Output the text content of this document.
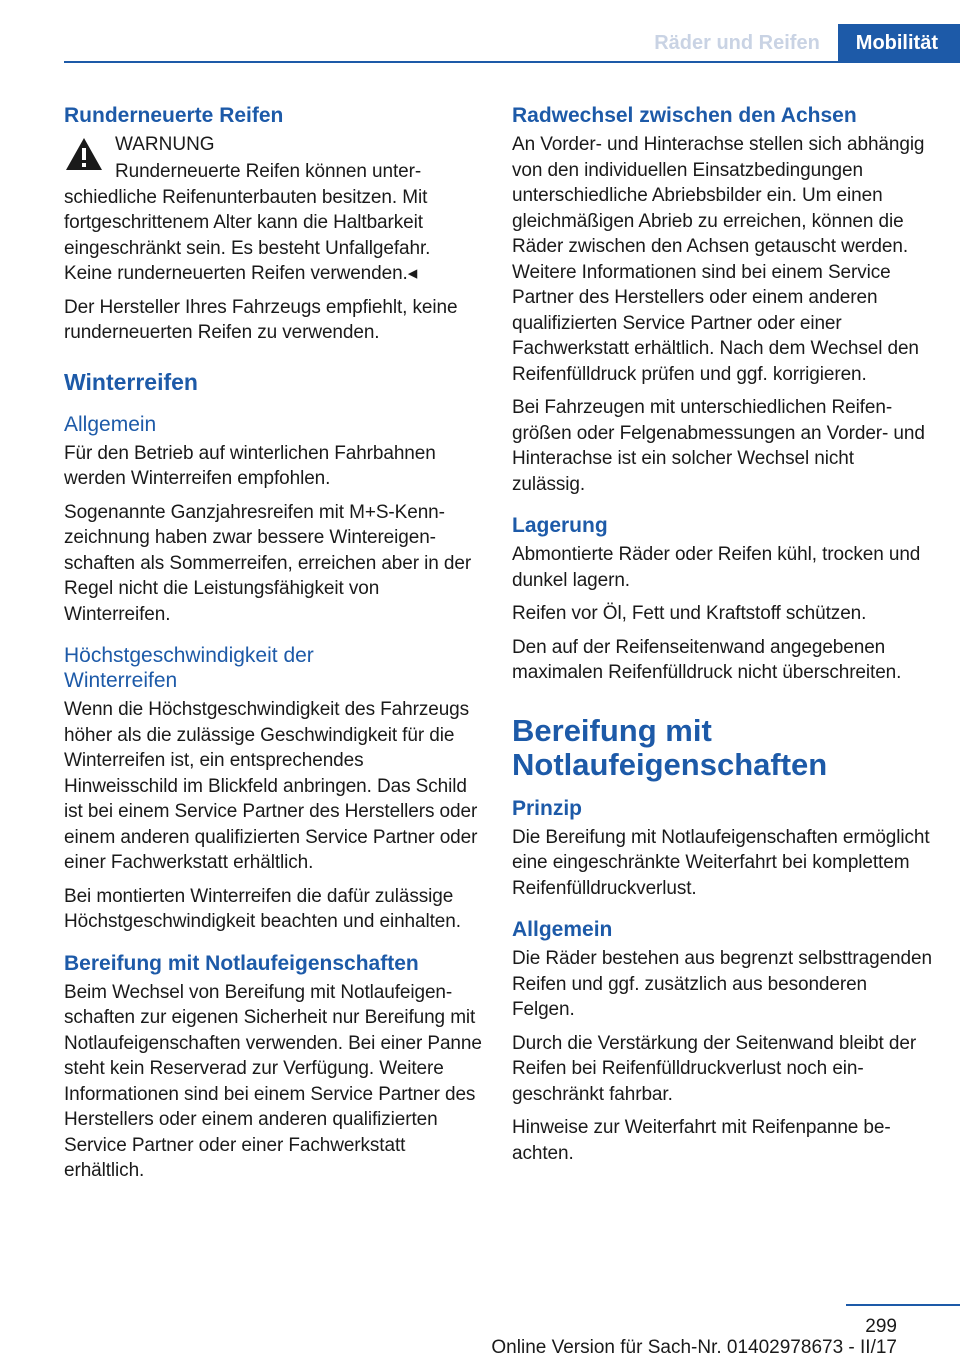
Räder und Reifen	Mobilität
Runderneuerte Reifen
WARNUNG
Runderneuerte Reifen können unterschiedliche Reifenunterbauten besitzen. Mit fortgeschrittenem Alter kann die Haltbarkeit eingeschränkt sein. Es besteht Unfallgefahr. Keine runderneuerten Reifen verwenden.◂
Der Hersteller Ihres Fahrzeugs empfiehlt, keine runderneuerten Reifen zu verwenden.
Winterreifen
Allgemein
Für den Betrieb auf winterlichen Fahrbahnen werden Winterreifen empfohlen.
Sogenannte Ganzjahresreifen mit M+S-Kennzeichnung haben zwar bessere Wintereigenschaften als Sommerreifen, erreichen aber in der Regel nicht die Leistungsfähigkeit von Winterreifen.
Höchstgeschwindigkeit der Winterreifen
Wenn die Höchstgeschwindigkeit des Fahrzeugs höher als die zulässige Geschwindigkeit für die Winterreifen ist, ein entsprechendes Hinweisschild im Blickfeld anbringen. Das Schild ist bei einem Service Partner des Herstellers oder einem anderen qualifizierten Service Partner oder einer Fachwerkstatt erhältlich.
Bei montierten Winterreifen die dafür zulässige Höchstgeschwindigkeit beachten und einhalten.
Bereifung mit Notlaufeigenschaften
Beim Wechsel von Bereifung mit Notlaufeigenschaften zur eigenen Sicherheit nur Bereifung mit Notlaufeigenschaften verwenden. Bei einer Panne steht kein Reserverad zur Verfügung. Weitere Informationen sind bei einem Service Partner des Herstellers oder einem anderen qualifizierten Service Partner oder einer Fachwerkstatt erhältlich.
Radwechsel zwischen den Achsen
An Vorder- und Hinterachse stellen sich abhängig von den individuellen Einsatzbedingungen unterschiedliche Abriebsbilder ein. Um einen gleichmäßigen Abrieb zu erreichen, können die Räder zwischen den Achsen getauscht werden. Weitere Informationen sind bei einem Service Partner des Herstellers oder einem anderen qualifizierten Service Partner oder einer Fachwerkstatt erhältlich. Nach dem Wechsel den Reifenfülldruck prüfen und ggf. korrigieren.
Bei Fahrzeugen mit unterschiedlichen Reifengrößen oder Felgenabmessungen an Vorder- und Hinterachse ist ein solcher Wechsel nicht zulässig.
Lagerung
Abmontierte Räder oder Reifen kühl, trocken und dunkel lagern.
Reifen vor Öl, Fett und Kraftstoff schützen.
Den auf der Reifenseitenwand angegebenen maximalen Reifenfülldruck nicht überschreiten.
Bereifung mit Notlaufeigenschaften
Prinzip
Die Bereifung mit Notlaufeigenschaften ermöglicht eine eingeschränkte Weiterfahrt bei komplettem Reifenfülldruckverlust.
Allgemein
Die Räder bestehen aus begrenzt selbsttragenden Reifen und ggf. zusätzlich aus besonderen Felgen.
Durch die Verstärkung der Seitenwand bleibt der Reifen bei Reifenfülldruckverlust noch eingeschränkt fahrbar.
Hinweise zur Weiterfahrt mit Reifenpanne beachten.
299
Online Version für Sach-Nr. 01402978673 - II/17
